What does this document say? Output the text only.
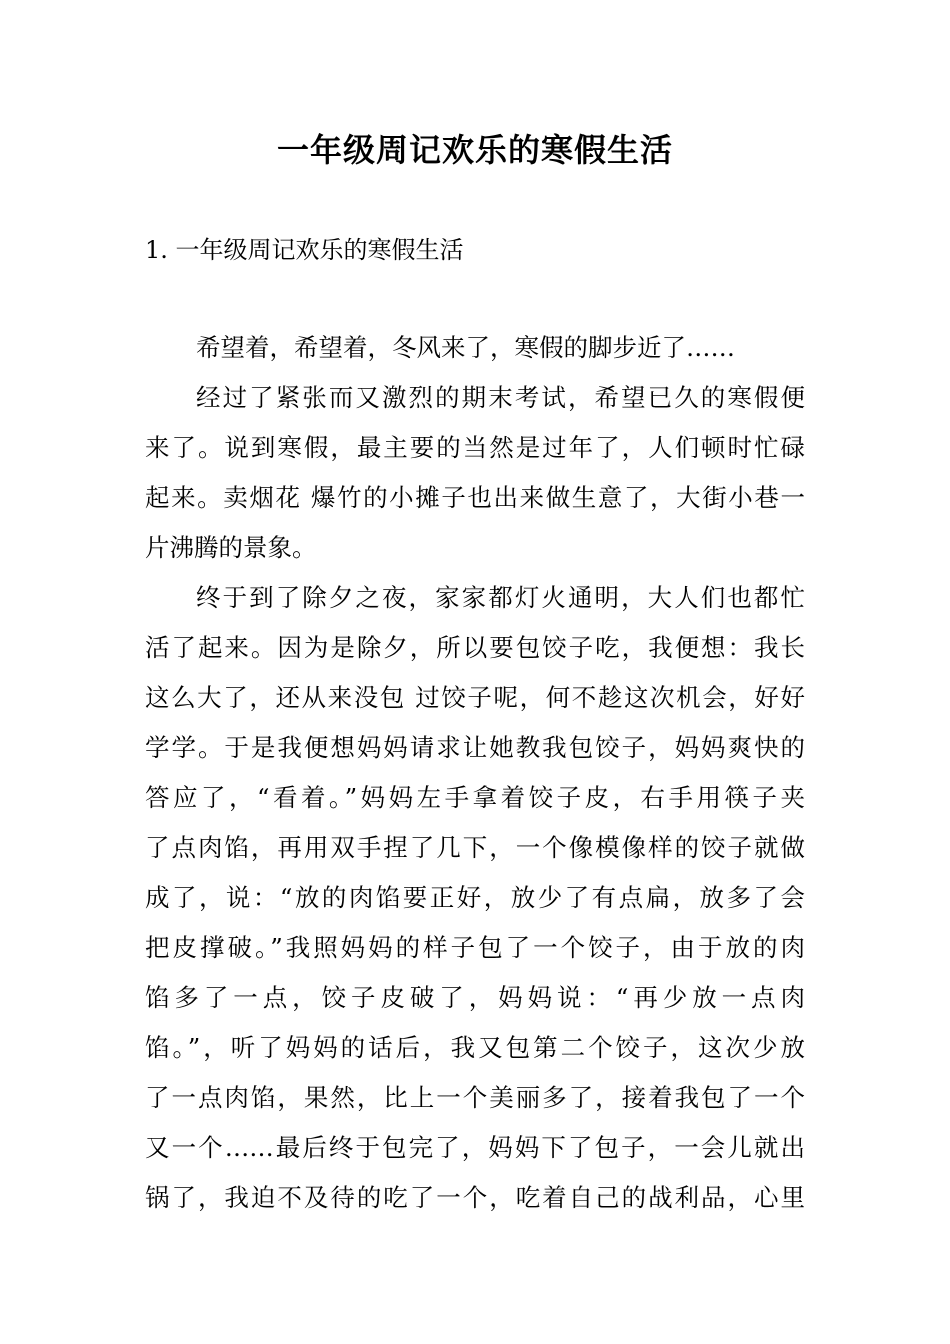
一年级周记欢乐的寒假生活

1. 一年级周记欢乐的寒假生活

希望着，希望着，冬风来了，寒假的脚步近了……

经过了紧张而又激烈的期末考试，希望已久的寒假便

来了。说到寒假，最主要的当然是过年了，人们顿时忙碌

起来。卖烟花 爆竹的小摊子也出来做生意了，大街小巷一

片沸腾的景象。

终于到了除夕之夜，家家都灯火通明，大人们也都忙

活了起来。因为是除夕，所以要包饺子吃，我便想：我长

这么大了，还从来没包 过饺子呢，何不趁这次机会，好好

学学。于是我便想妈妈请求让她教我包饺子，妈妈爽快的

答应了，“看着。”妈妈左手拿着饺子皮，右手用筷子夹

了点肉馅，再用双手捏了几下，一个像模像样的饺子就做

成了，说：“放的肉馅要正好，放少了有点扁，放多了会

把皮撑破。”我照妈妈的样子包了一个饺子，由于放的肉

馅多了一点，饺子皮破了，妈妈说：“再少放一点肉

馅。”，听了妈妈的话后，我又包第二个饺子，这次少放

了一点肉馅，果然，比上一个美丽多了，接着我包了一个

又一个……最后终于包完了，妈妈下了包子，一会儿就出

锅了，我迫不及待的吃了一个，吃着自己的战利品，心里
